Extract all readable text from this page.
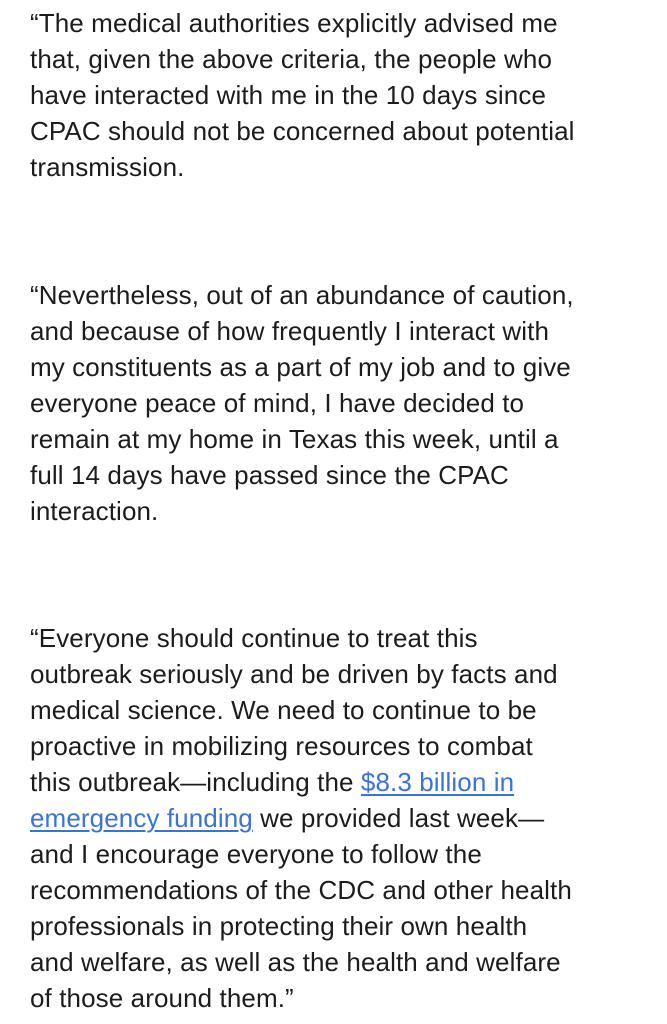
“The medical authorities explicitly advised me
that, given the above criteria, the people who
have interacted with me in the 10 days since
CPAC should not be concerned about potential
transmission.

“Nevertheless, out of an abundance of caution,
and because of how frequently I interact with
my constituents as a part of my job and to give
everyone peace of mind, I have decided to
remain at my home in Texas this week, until a
full 14 days have passed since the CPAC
interaction.

“Everyone should continue to treat this
outbreak seriously and be driven by facts and
medical science. We need to continue to be
proactive in mobilizing resources to combat
this outbreak—including the $8.3 billion in
emergency funding we provided last week—
and I encourage everyone to follow the
recommendations of the CDC and other health
professionals in protecting their own health
and welfare, as well as the health and welfare
of those around them.”
